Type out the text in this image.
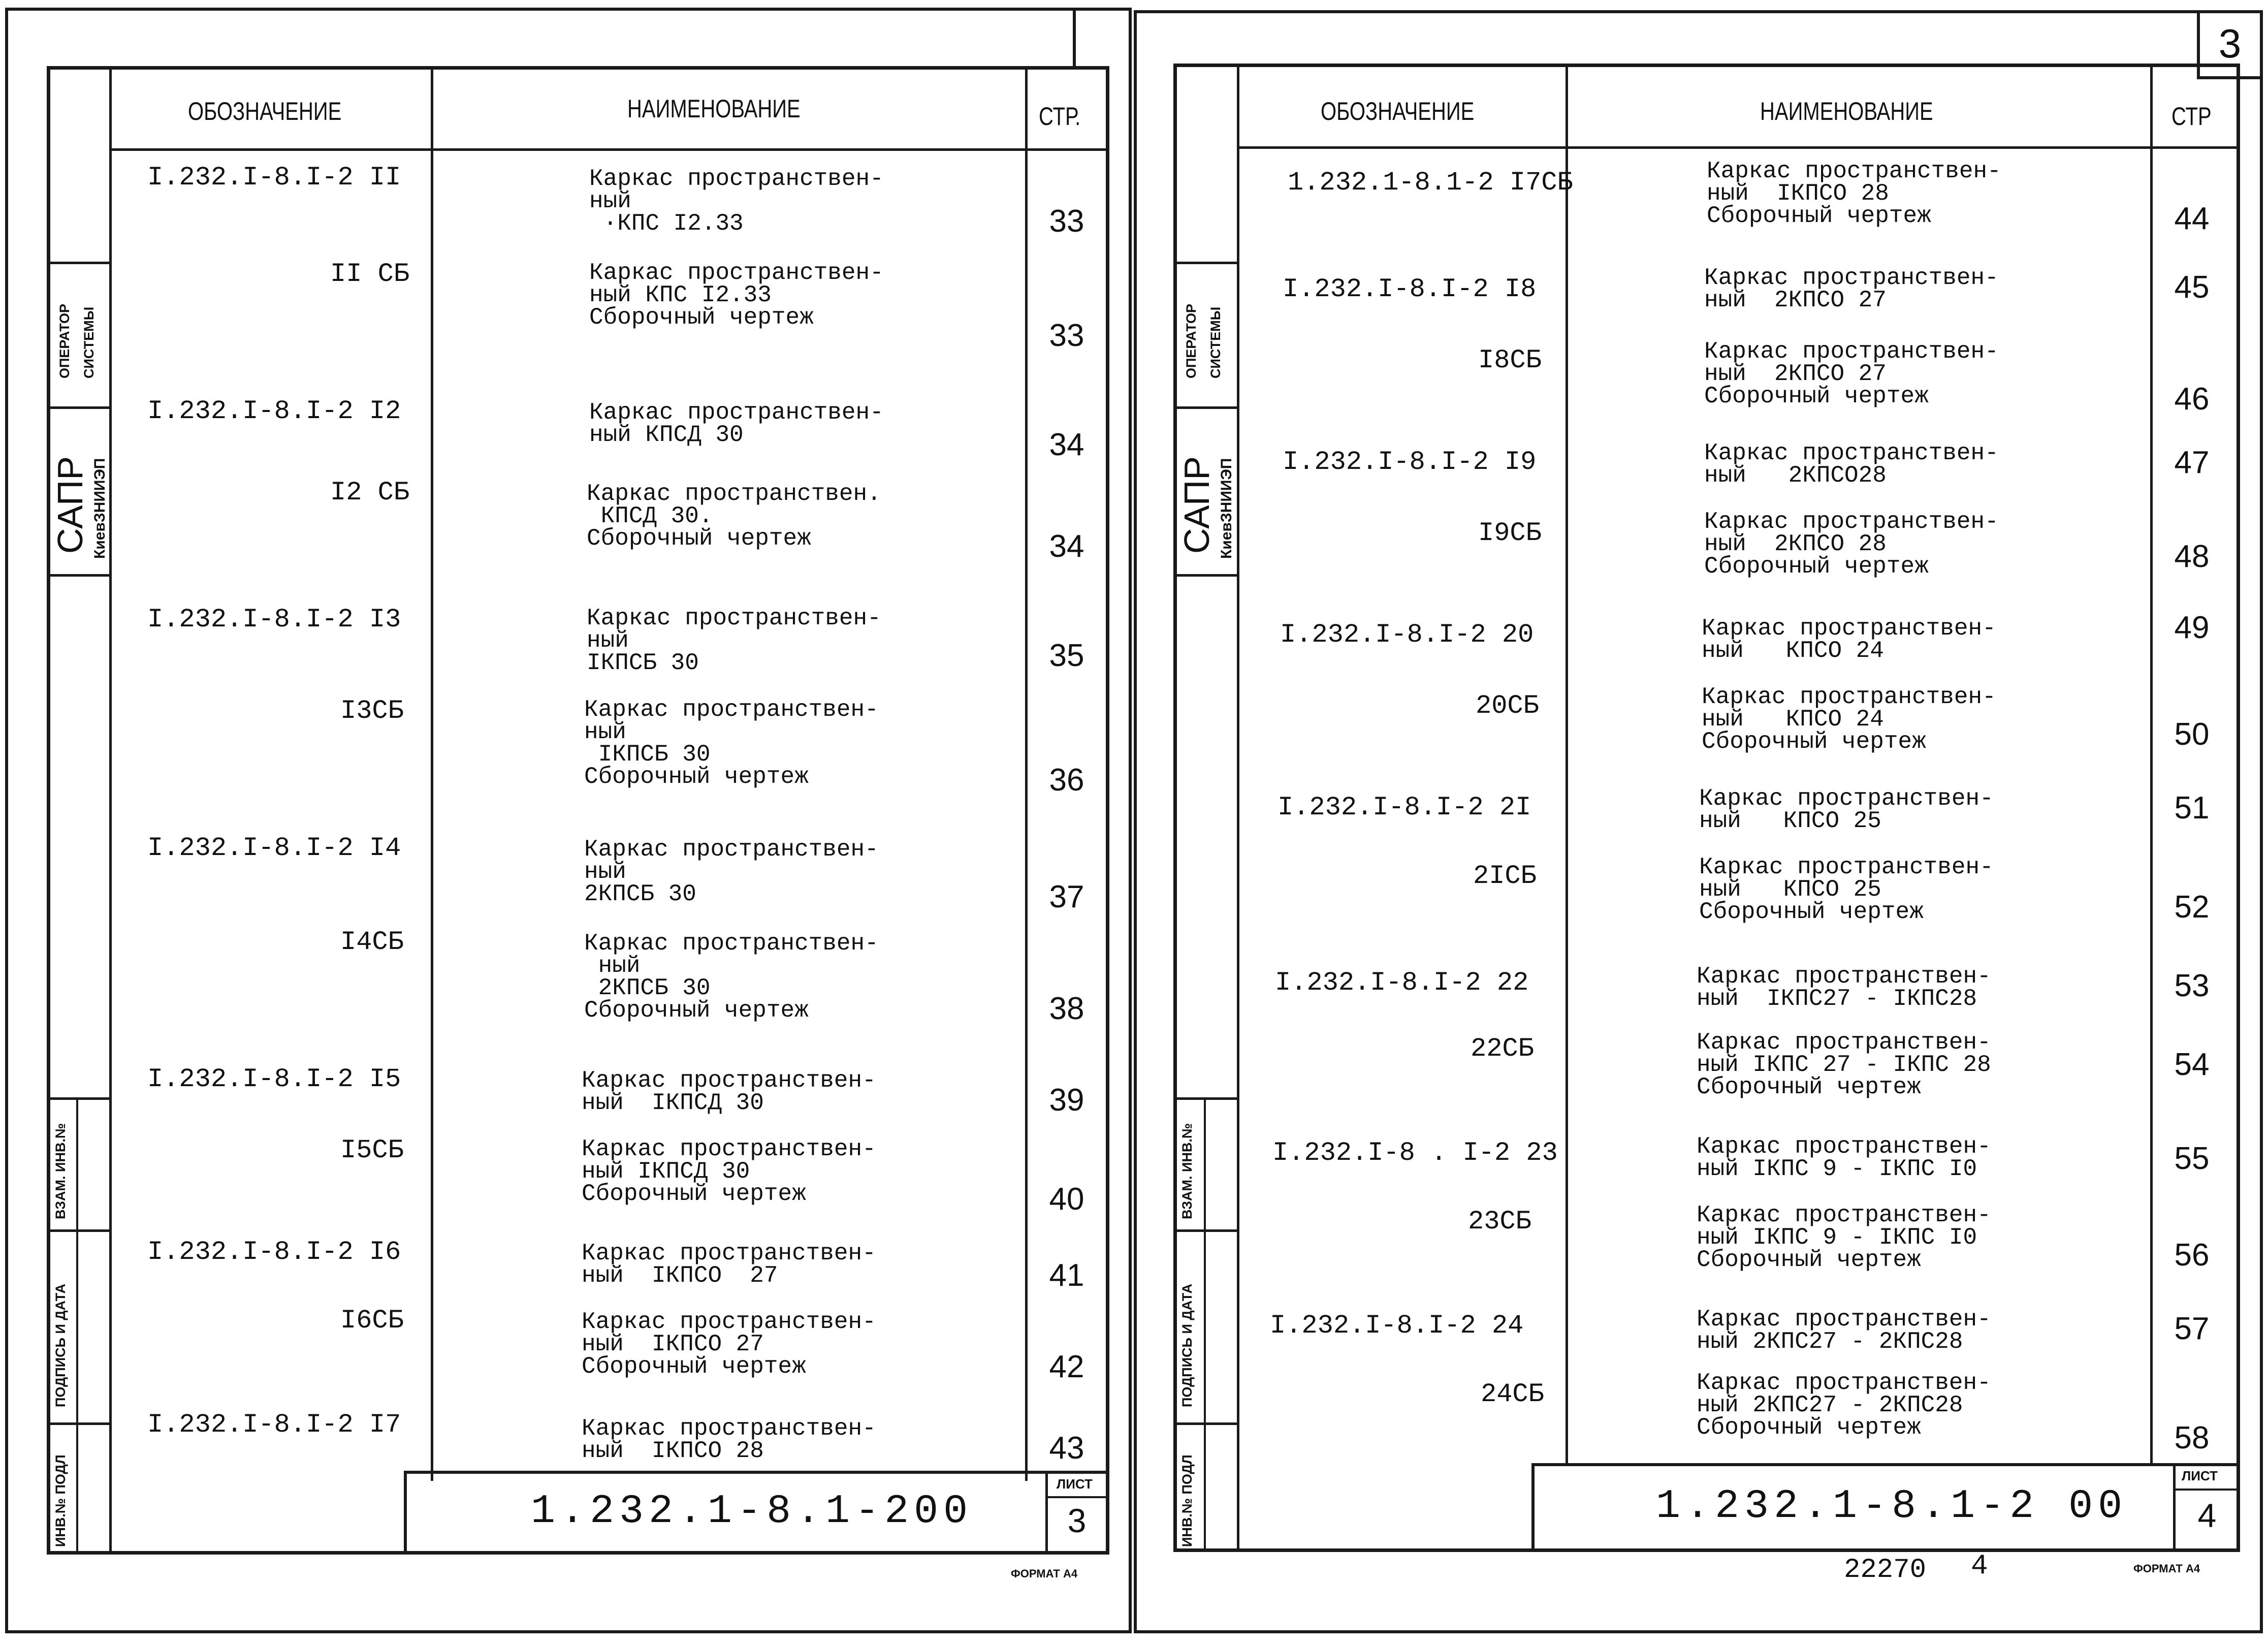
ОПЕРАТОР СИСТЕМЫ
САПР КиевЗНИИЭП
ВЗАМ. ИНВ.№
ПОДПИСЬ И ДАТА
ИНВ.№ ПОДЛ
ОБОЗНАЧЕНИЕ	НАИМЕНОВАНИЕ	СТР.
I.232.I-8.I-2 II	Каркас пространствен-
ный
·КПС I2.33	33
II СБ	Каркас пространствен-
ный КПС I2.33
Сборочный чертеж
33
I.232.I-8.I-2 I2	Каркас пространствен-
ный КПСД 30	34
I2 СБ	Каркас пространствен.
КПСД 30.
Сборочный чертеж	34
I.232.I-8.I-2 I3	Каркас пространствен-
ный
IКПСБ 30	35
I3СБ	Каркас пространствен-
ный
IКПСБ 30
Сборочный чертеж	36
I.232.I-8.I-2 I4	Каркас пространствен-
ный
2КПСБ 30	37
I4СБ	Каркас пространствен-
ный
2КПСБ 30
Сборочный чертеж	38
I.232.I-8.I-2 I5	Каркас пространствен-
ный  IКПСД 30	39
I5СБ	Каркас пространствен-
ный IКПСД 30
Сборочный чертеж	40
I.232.I-8.I-2 I6	Каркас пространствен-
ный  IКПСО  27	41
I6СБ	Каркас пространствен-
ный  IКПСО 27
Сборочный чертеж	42
I.232.I-8.I-2 I7	Каркас пространствен-
ный  IКПСО 28	43
1.232.1-8.1-200
ЛИСТ
3
ФОРМАТ А4
3
ОПЕРАТОР СИСТЕМЫ
САПР КиевЗНИИЭП
ВЗАМ. ИНВ.№
ПОДПИСЬ И ДАТА
ИНВ.№ ПОДЛ
ОБОЗНАЧЕНИЕ	НАИМЕНОВАНИЕ	СТР
1.232.1-8.1-2 I7СБ	Каркас пространствен-
ный  IКПСО 28
Сборочный чертеж	44
I.232.I-8.I-2 I8	Каркас пространствен-
ный  2КПСО 27	45
I8СБ	Каркас пространствен-
ный  2КПСО 27
Сборочный чертеж	46
I.232.I-8.I-2 I9	Каркас пространствен-
ный   2КПСО28	47
I9СБ	Каркас пространствен-
ный  2КПСО 28
Сборочный чертеж	48
I.232.I-8.I-2 20	Каркас пространствен-
ный   КПСО 24
49
20СБ	Каркас пространствен-
ный   КПСО 24
Сборочный чертеж	50
I.232.I-8.I-2 2I	Каркас пространствен-
ный   КПСО 25	51
2IСБ	Каркас пространствен-
ный   КПСО 25
Сборочный чертеж	52
I.232.I-8.I-2 22	Каркас пространствен-
ный  IКПС27 - IКПС28	53
22СБ	Каркас пространствен-
ный IКПС 27 - IКПС 28
Сборочный чертеж
54
I.232.I-8 . I-2 23	Каркас пространствен-
ный IКПС 9 - IКПС I0	55
23СБ	Каркас пространствен-
ный IКПС 9 - IКПС I0
Сборочный чертеж	56
I.232.I-8.I-2 24	Каркас пространствен-
ный 2КПС27 - 2КПС28	57
24СБ	Каркас пространствен-
ный 2КПС27 - 2КПС28
Сборочный чертеж	58
1.232.1-8.1-2 00
ЛИСТ
4
22270 4	ФОРМАТ А4
